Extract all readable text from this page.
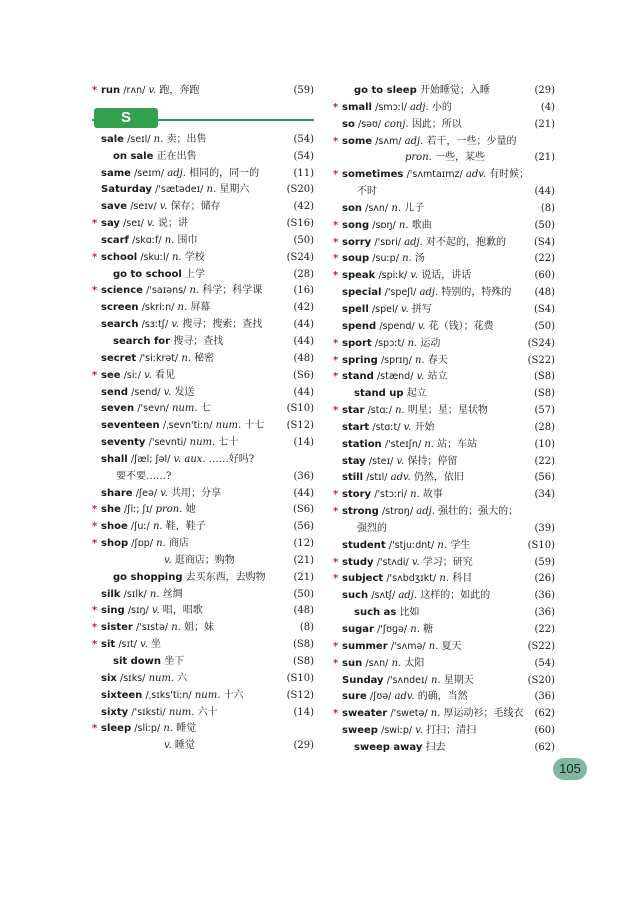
* run /rʌn/ v. 跑，奔跑	(59)
S
sale /seɪl/ n. 卖；出售	(54)
on sale 正在出售	(54)
same /seɪm/ adj. 相同的，同一的	(11)
Saturday /'sætədeɪ/ n. 星期六	(S20)
save /seɪv/ v. 保存；储存	(42)
* say /seɪ/ v. 说；讲	(S16)
scarf /skɑːf/ n. 围巾	(50)
* school /skuːl/ n. 学校	(S24)
go to school 上学	(28)
* science /'saɪəns/ n. 科学；科学课	(16)
screen /skriːn/ n. 屏幕	(42)
search /sɜːtʃ/ v. 搜寻；搜索；查找	(44)
search for 搜寻；查找	(44)
secret /'siːkrət/ n. 秘密	(48)
* see /siː/ v. 看见	(S6)
send /send/ v. 发送	(44)
seven /'sevn/ num. 七	(S10)
seventeen /ˌsevn'tiːn/ num. 十七 (S12)
seventy /'sevnti/ num. 七十	(14)
shall /ʃæl; ʃəl/ v. aux. ……好吗?
要不要……?	(36)
share /ʃeə/ v. 共用；分享	(44)
* she /ʃiː; ʃɪ/ pron. 她	(S6)
* shoe /ʃuː/ n. 鞋，鞋子	(56)
* shop /ʃɒp/ n. 商店	(12)
v. 逛商店；购物	(21)
go shopping 去买东西，去购物	(21)
silk /sɪlk/ n. 丝绸	(50)
* sing /sɪŋ/ v. 唱，唱歌	(48)
* sister /'sɪstə/ n. 姐；妹	(8)
* sit /sɪt/ v. 坐	(S8)
sit down 坐下	(S8)
six /sɪks/ num. 六	(S10)
sixteen /ˌsɪks'tiːn/ num. 十六	(S12)
sixty /'sɪksti/ num. 六十	(14)
* sleep /sliːp/ n. 睡觉
v. 睡觉	(29)
go to sleep 开始睡觉；入睡	(29)
* small /smɔːl/ adj. 小的	(4)
so /səʊ/ conj. 因此；所以	(21)
* some /sʌm/ adj. 若干，一些；少量的
pron. 一些，某些	(21)
* sometimes /'sʌmtaɪmz/ adv. 有时候；
不时	(44)
son /sʌn/ n. 儿子	(8)
* song /sɒŋ/ n. 歌曲	(50)
* sorry /'sɒri/ adj. 对不起的，抱歉的	(S4)
* soup /suːp/ n. 汤	(22)
* speak /spiːk/ v. 说话，讲话	(60)
special /'speʃl/ adj. 特别的，特殊的 (48)
spell /spel/ v. 拼写	(S4)
spend /spend/ v. 花（钱）；花费	(50)
* sport /spɔːt/ n. 运动	(S24)
* spring /sprɪŋ/ n. 春天	(S22)
* stand /stænd/ v. 站立	(S8)
stand up 起立	(S8)
* star /stɑː/ n. 明星；星；星状物	(57)
start /stɑːt/ v. 开始	(28)
station /'steɪʃn/ n. 站；车站	(10)
stay /steɪ/ v. 保持；停留	(22)
still /stɪl/ adv. 仍然，依旧	(56)
* story /'stɔːri/ n. 故事	(34)
* strong /strɒŋ/ adj. 强壮的；强大的；
强烈的	(39)
student /'stjuːdnt/ n. 学生	(S10)
* study /'stʌdi/ v. 学习；研究	(59)
* subject /'sʌbdʒɪkt/ n. 科目	(26)
such /sʌtʃ/ adj. 这样的；如此的	(36)
such as 比如	(36)
sugar /'ʃʊɡə/ n. 糖	(22)
* summer /'sʌmə/ n. 夏天	(S22)
* sun /sʌn/ n. 太阳	(54)
Sunday /'sʌndeɪ/ n. 星期天	(S20)
sure /ʃʊə/ adv. 的确，当然	(36)
* sweater /'swetə/ n. 厚运动衫；毛线衣 (62)
sweep /swiːp/ v. 打扫；清扫	(60)
sweep away 扫去	(62)
105
